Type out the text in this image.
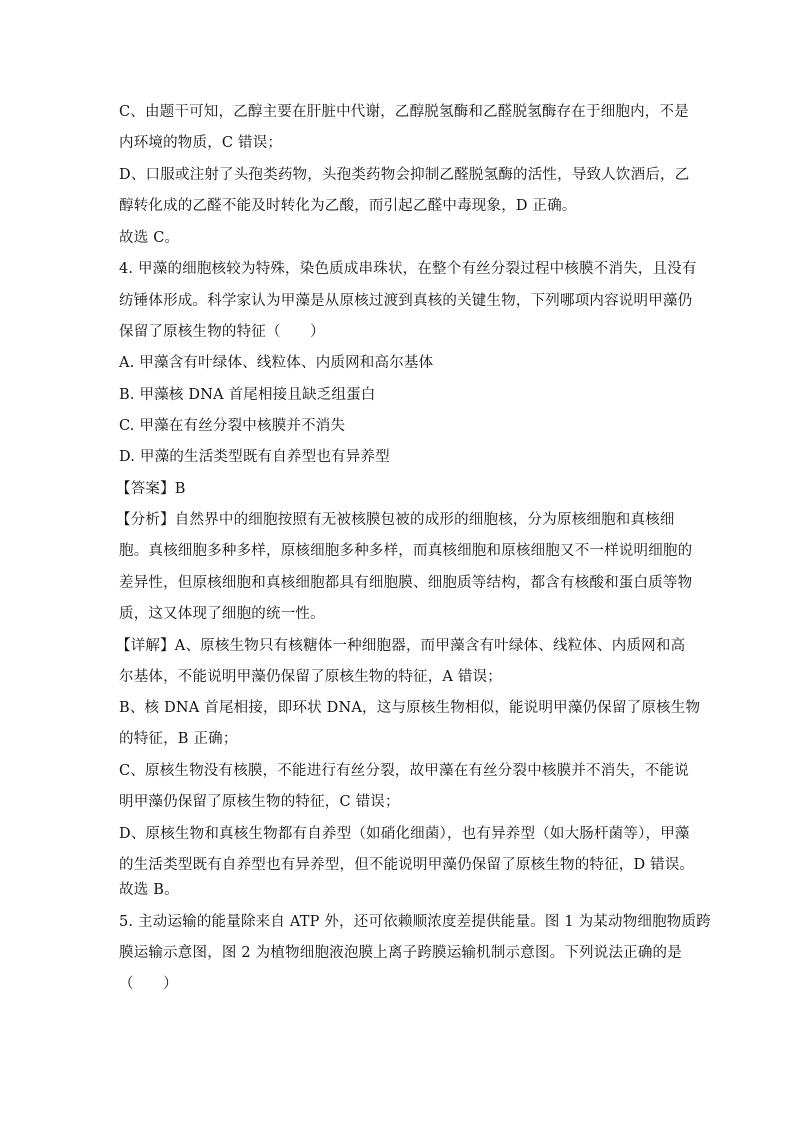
C、由题干可知，乙醇主要在肝脏中代谢，乙醇脱氢酶和乙醛脱氢酶存在于细胞内，不是
内环境的物质，C 错误；
D、口服或注射了头孢类药物，头孢类药物会抑制乙醛脱氢酶的活性，导致人饮酒后，乙
醇转化成的乙醛不能及时转化为乙酸，而引起乙醛中毒现象，D 正确。
故选 C。
4. 甲藻的细胞核较为特殊，染色质成串珠状，在整个有丝分裂过程中核膜不消失，且没有
纺锤体形成。科学家认为甲藻是从原核过渡到真核的关键生物，下列哪项内容说明甲藻仍
保留了原核生物的特征（　　）
A. 甲藻含有叶绿体、线粒体、内质网和高尔基体
B. 甲藻核 DNA 首尾相接且缺乏组蛋白
C. 甲藻在有丝分裂中核膜并不消失
D. 甲藻的生活类型既有自养型也有异养型
【答案】B
【分析】自然界中的细胞按照有无被核膜包被的成形的细胞核，分为原核细胞和真核细
胞。真核细胞多种多样，原核细胞多种多样，而真核细胞和原核细胞又不一样说明细胞的
差异性，但原核细胞和真核细胞都具有细胞膜、细胞质等结构，都含有核酸和蛋白质等物
质，这又体现了细胞的统一性。
【详解】A、原核生物只有核糖体一种细胞器，而甲藻含有叶绿体、线粒体、内质网和高
尔基体，不能说明甲藻仍保留了原核生物的特征，A 错误；
B、核 DNA 首尾相接，即环状 DNA，这与原核生物相似，能说明甲藻仍保留了原核生物
的特征，B 正确；
C、原核生物没有核膜，不能进行有丝分裂，故甲藻在有丝分裂中核膜并不消失，不能说
明甲藻仍保留了原核生物的特征，C 错误；
D、原核生物和真核生物都有自养型（如硝化细菌），也有异养型（如大肠杆菌等），甲藻
的生活类型既有自养型也有异养型，但不能说明甲藻仍保留了原核生物的特征，D 错误。
故选 B。
5. 主动运输的能量除来自 ATP 外，还可依赖顺浓度差提供能量。图 1 为某动物细胞物质跨
膜运输示意图，图 2 为植物细胞液泡膜上离子跨膜运输机制示意图。下列说法正确的是
（　　）
